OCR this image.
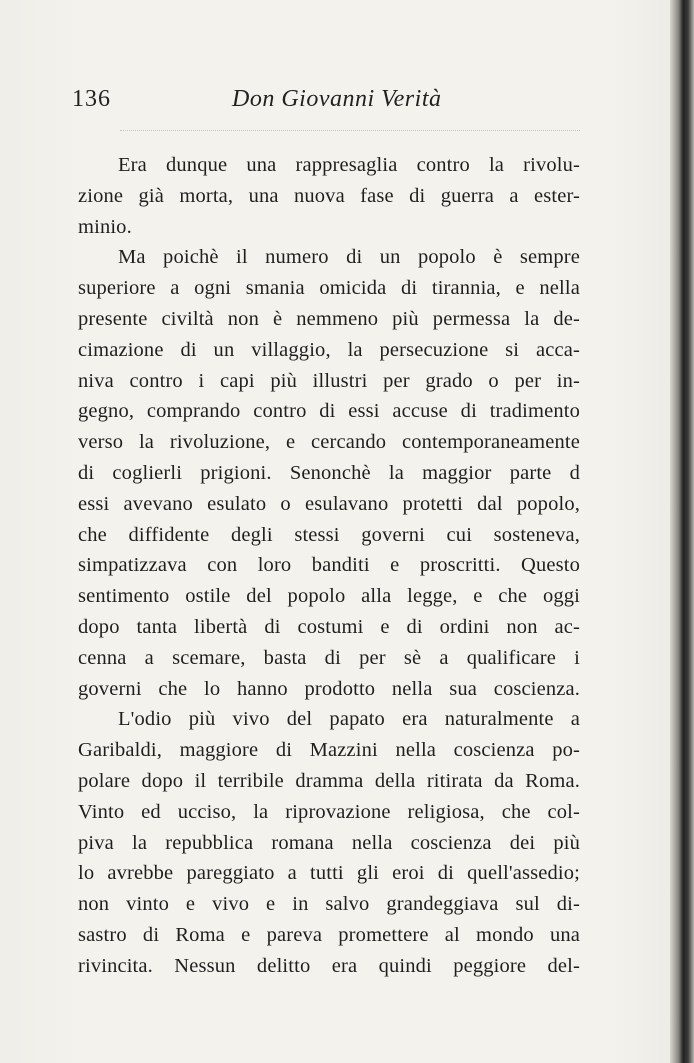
136	Don Giovanni Verità
Era dunque una rappresaglia contro la rivolu-
zione già morta, una nuova fase di guerra a ester-
minio.
Ma poichè il numero di un popolo è sempre
superiore a ogni smania omicida di tirannia, e nella
presente civiltà non è nemmeno più permessa la de-
cimazione di un villaggio, la persecuzione si acca-
niva contro i capi più illustri per grado o per in-
gegno, comprando contro di essi accuse di tradimento
verso la rivoluzione, e cercando contemporaneamente
di coglierli prigioni. Senonchè la maggior parte d
essi avevano esulato o esulavano protetti dal popolo,
che diffidente degli stessi governi cui sosteneva,
simpatizzava con loro banditi e proscritti. Questo
sentimento ostile del popolo alla legge, e che oggi
dopo tanta libertà di costumi e di ordini non ac-
cenna a scemare, basta di per sè a qualificare i
governi che lo hanno prodotto nella sua coscienza.
L'odio più vivo del papato era naturalmente a
Garibaldi, maggiore di Mazzini nella coscienza po-
polare dopo il terribile dramma della ritirata da Roma.
Vinto ed ucciso, la riprovazione religiosa, che col-
piva la repubblica romana nella coscienza dei più
lo avrebbe pareggiato a tutti gli eroi di quell'assedio;
non vinto e vivo e in salvo grandeggiava sul di-
sastro di Roma e pareva promettere al mondo una
rivincita. Nessun delitto era quindi peggiore del-
